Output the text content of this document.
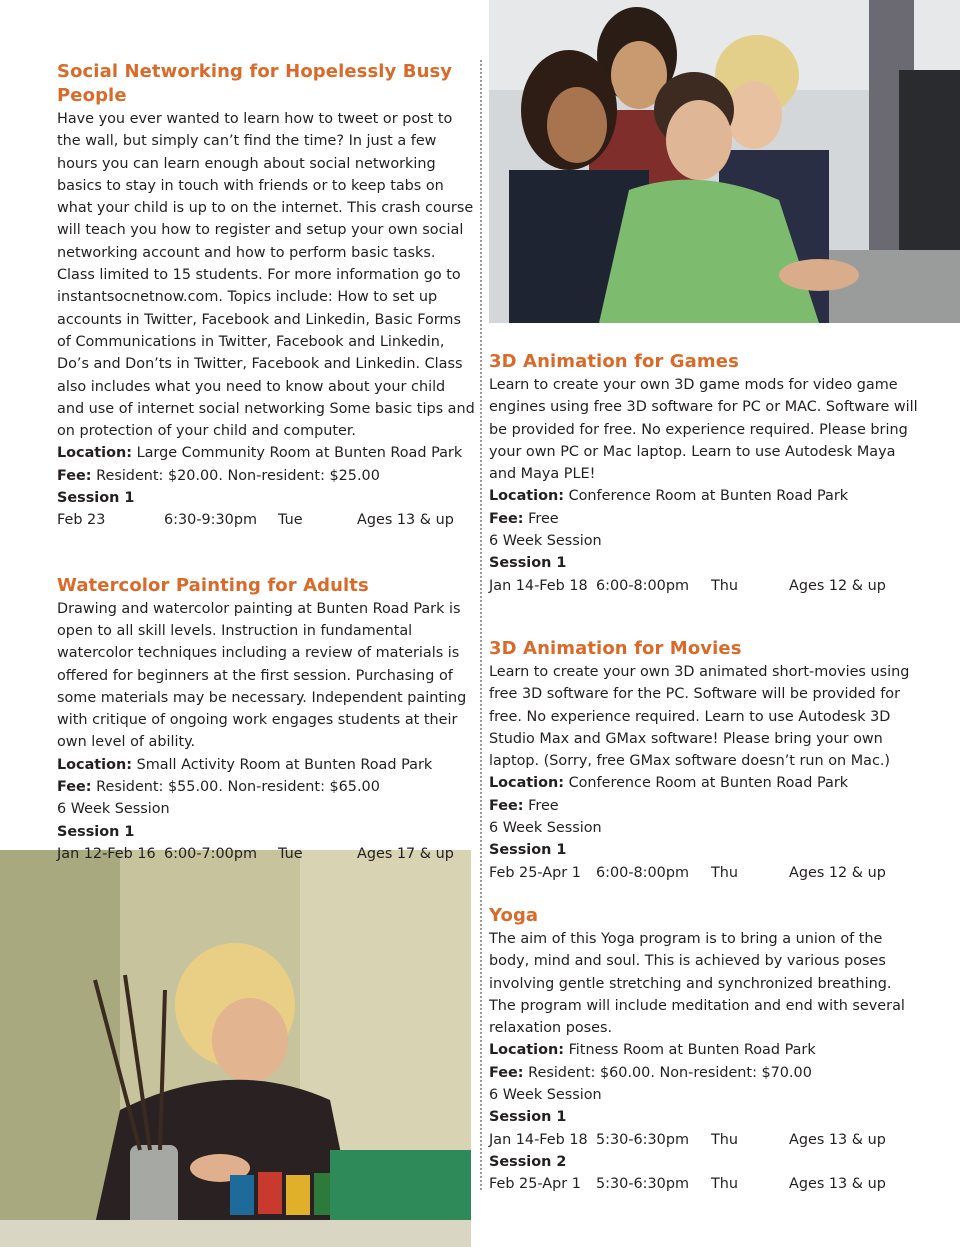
Social Networking for Hopelessly Busy People
Have you ever wanted to learn how to tweet or post to the wall, but simply can’t find the time? In just a few hours you can learn enough about social networking basics to stay in touch with friends or to keep tabs on what your child is up to on the internet. This crash course will teach you how to register and setup your own social networking account and how to perform basic tasks. Class limited to 15 students. For more information go to instantsocnetnow.com. Topics include: How to set up accounts in Twitter, Facebook and Linkedin, Basic Forms of Communications in Twitter, Facebook and Linkedin, Do’s and Don’ts in Twitter, Facebook and Linkedin. Class also includes what you need to know about your child and use of internet social networking Some basic tips and on protection of your child and computer.
Location: Large Community Room at Bunten Road Park
Fee: Resident: $20.00. Non-resident: $25.00
Session 1
Feb 23	6:30-9:30pm	Tue	Ages 13 & up
Watercolor Painting for Adults
Drawing and watercolor painting at Bunten Road Park is open to all skill levels. Instruction in fundamental watercolor techniques including a review of materials is offered for beginners at the first session. Purchasing of some materials may be necessary. Independent painting with critique of ongoing work engages students at their own level of ability.
Location: Small Activity Room at Bunten Road Park
Fee: Resident: $55.00. Non-resident: $65.00
6 Week Session
Session 1
Jan 12-Feb 16 6:00-7:00pm	Tue	Ages 17 & up
3D Animation for Games
Learn to create your own 3D game mods for video game engines using free 3D software for PC or MAC. Software will be provided for free. No experience required. Please bring your own PC or Mac laptop. Learn to use Autodesk Maya and Maya PLE!
Location: Conference Room at Bunten Road Park
Fee: Free
6 Week Session
Session 1
Jan 14-Feb 18 6:00-8:00pm	Thu	Ages 12 & up
3D Animation for Movies
Learn to create your own 3D animated short-movies using free 3D software for the PC. Software will be provided for free. No experience required. Learn to use Autodesk 3D Studio Max and GMax software! Please bring your own laptop. (Sorry, free GMax software doesn’t run on Mac.)
Location: Conference Room at Bunten Road Park
Fee: Free
6 Week Session
Session 1
Feb 25-Apr 1	6:00-8:00pm	Thu	Ages 12 & up
Yoga
The aim of this Yoga program is to bring a union of the body, mind and soul. This is achieved by various poses involving gentle stretching and synchronized breathing. The program will include meditation and end with several relaxation poses.
Location: Fitness Room at Bunten Road Park
Fee: Resident: $60.00. Non-resident: $70.00
6 Week Session
Session 1
Jan 14-Feb 18 5:30-6:30pm	Thu	Ages 13 & up
Session 2
Feb 25-Apr 1	5:30-6:30pm	Thu	Ages 13 & up
